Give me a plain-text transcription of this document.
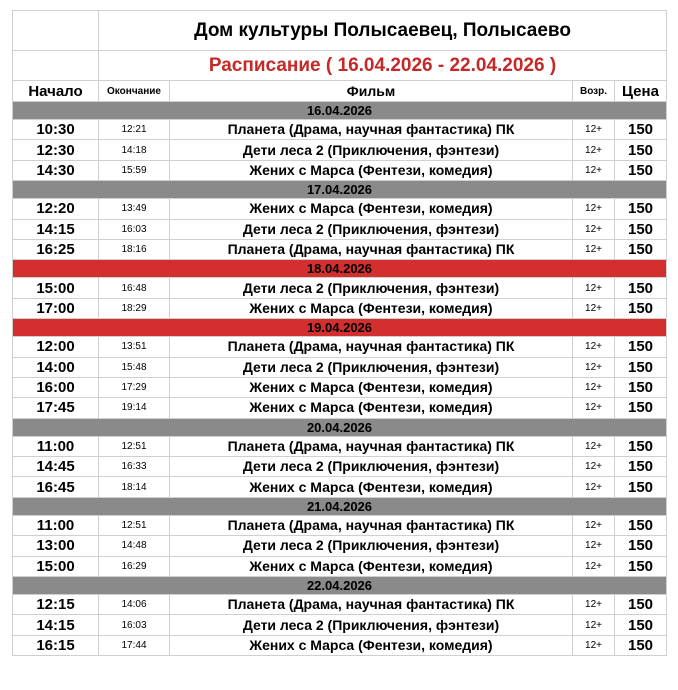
	Дом культуры Полысаевец, Полысаево			
	Расписание ( 16.04.2026 - 22.04.2026 )			
Начало	Окончание	Фильм	Возр.	Цена
16.04.2026				
10:30	12:21	Планета (Драма, научная фантастика) ПК	12+	150
12:30	14:18	Дети леса 2 (Приключения, фэнтези)	12+	150
14:30	15:59	Жених с Марса (Фентези, комедия)	12+	150
17.04.2026				
12:20	13:49	Жених с Марса (Фентези, комедия)	12+	150
14:15	16:03	Дети леса 2 (Приключения, фэнтези)	12+	150
16:25	18:16	Планета (Драма, научная фантастика) ПК	12+	150
18.04.2026				
15:00	16:48	Дети леса 2 (Приключения, фэнтези)	12+	150
17:00	18:29	Жених с Марса (Фентези, комедия)	12+	150
19.04.2026				
12:00	13:51	Планета (Драма, научная фантастика) ПК	12+	150
14:00	15:48	Дети леса 2 (Приключения, фэнтези)	12+	150
16:00	17:29	Жених с Марса (Фентези, комедия)	12+	150
17:45	19:14	Жених с Марса (Фентези, комедия)	12+	150
20.04.2026				
11:00	12:51	Планета (Драма, научная фантастика) ПК	12+	150
14:45	16:33	Дети леса 2 (Приключения, фэнтези)	12+	150
16:45	18:14	Жених с Марса (Фентези, комедия)	12+	150
21.04.2026				
11:00	12:51	Планета (Драма, научная фантастика) ПК	12+	150
13:00	14:48	Дети леса 2 (Приключения, фэнтези)	12+	150
15:00	16:29	Жених с Марса (Фентези, комедия)	12+	150
22.04.2026				
12:15	14:06	Планета (Драма, научная фантастика) ПК	12+	150
14:15	16:03	Дети леса 2 (Приключения, фэнтези)	12+	150
16:15	17:44	Жених с Марса (Фентези, комедия)	12+	150
